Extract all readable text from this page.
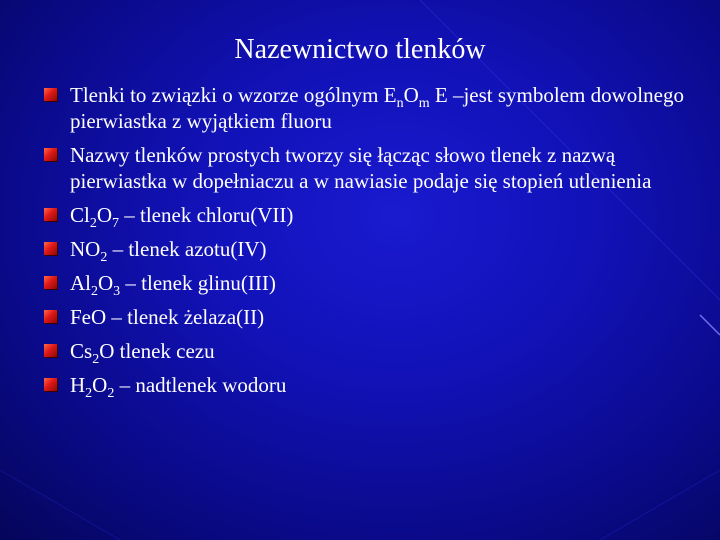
Nazewnictwo tlenków
Tlenki to związki o wzorze ogólnym $E_nO_m$ E –jest symbolem dowolnego pierwiastka z wyjątkiem fluoru
Nazwy tlenków prostych tworzy się łącząc słowo tlenek z nazwą pierwiastka w dopełniaczu a w nawiasie podaje się stopień utlenienia
$Cl_2O_7$ – tlenek chloru(VII)
$NO_2$ – tlenek azotu(IV)
$Al_2O_3$ – tlenek glinu(III)
FeO – tlenek żelaza(II)
$Cs_2O$ tlenek cezu
$H_2O_2$ – nadtlenek wodoru
